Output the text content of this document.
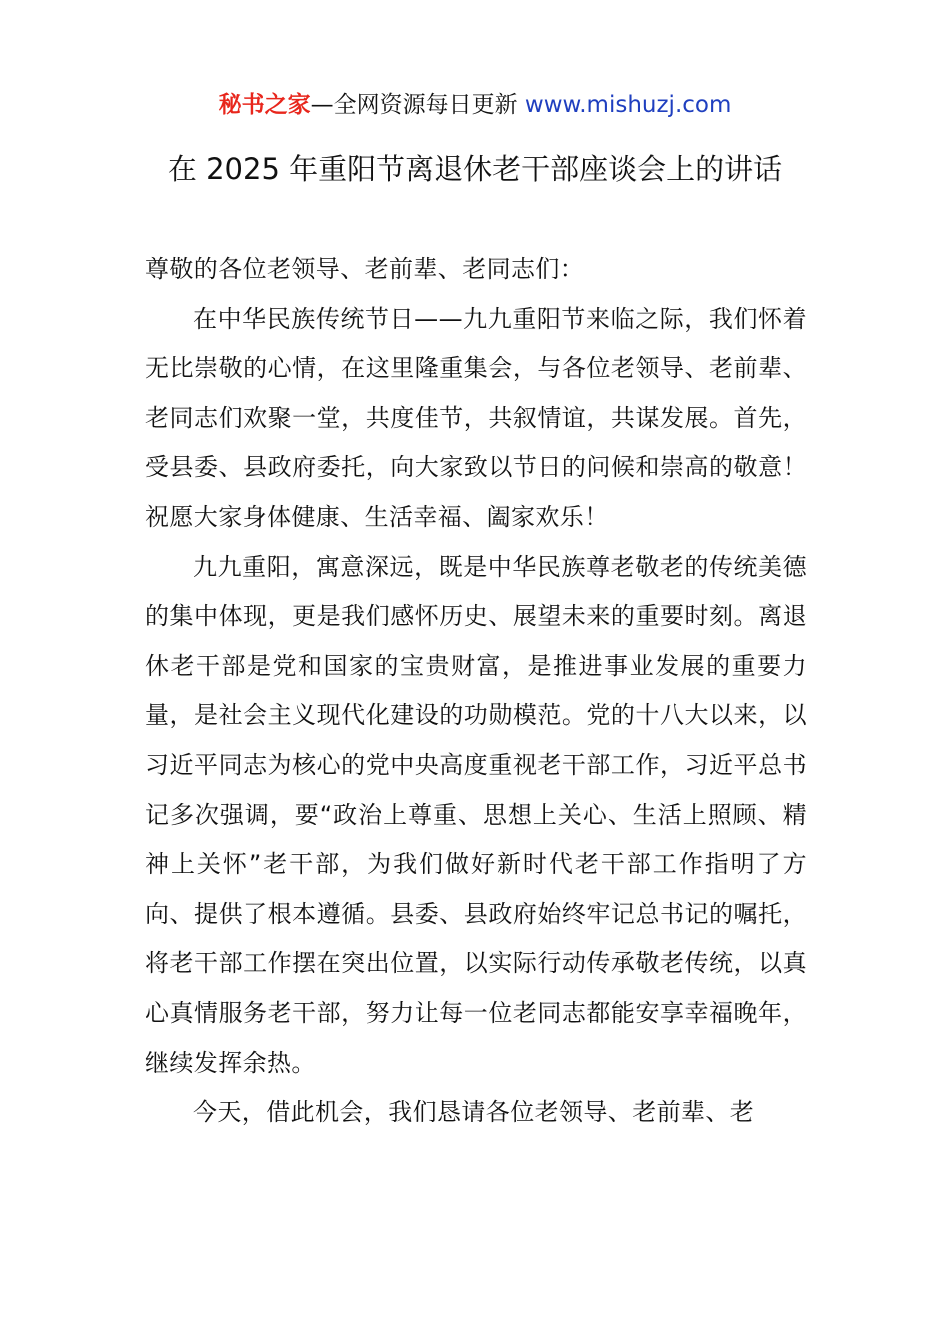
秘书之家—全网资源每日更新 www.mishuzj.com
在 2025 年重阳节离退休老干部座谈会上的讲话

尊敬的各位老领导、老前辈、老同志们：

在中华民族传统节日——九九重阳节来临之际，我们怀着无比崇敬的心情，在这里隆重集会，与各位老领导、老前辈、老同志们欢聚一堂，共度佳节，共叙情谊，共谋发展。首先，受县委、县政府委托，向大家致以节日的问候和崇高的敬意！祝愿大家身体健康、生活幸福、阖家欢乐！

九九重阳，寓意深远，既是中华民族尊老敬老的传统美德的集中体现，更是我们感怀历史、展望未来的重要时刻。离退休老干部是党和国家的宝贵财富，是推进事业发展的重要力量，是社会主义现代化建设的功勋模范。党的十八大以来，以习近平同志为核心的党中央高度重视老干部工作，习近平总书记多次强调，要“政治上尊重、思想上关心、生活上照顾、精神上关怀”老干部，为我们做好新时代老干部工作指明了方向、提供了根本遵循。县委、县政府始终牢记总书记的嘱托，将老干部工作摆在突出位置，以实际行动传承敬老传统，以真心真情服务老干部，努力让每一位老同志都能安享幸福晚年，继续发挥余热。

今天，借此机会，我们恳请各位老领导、老前辈、老
